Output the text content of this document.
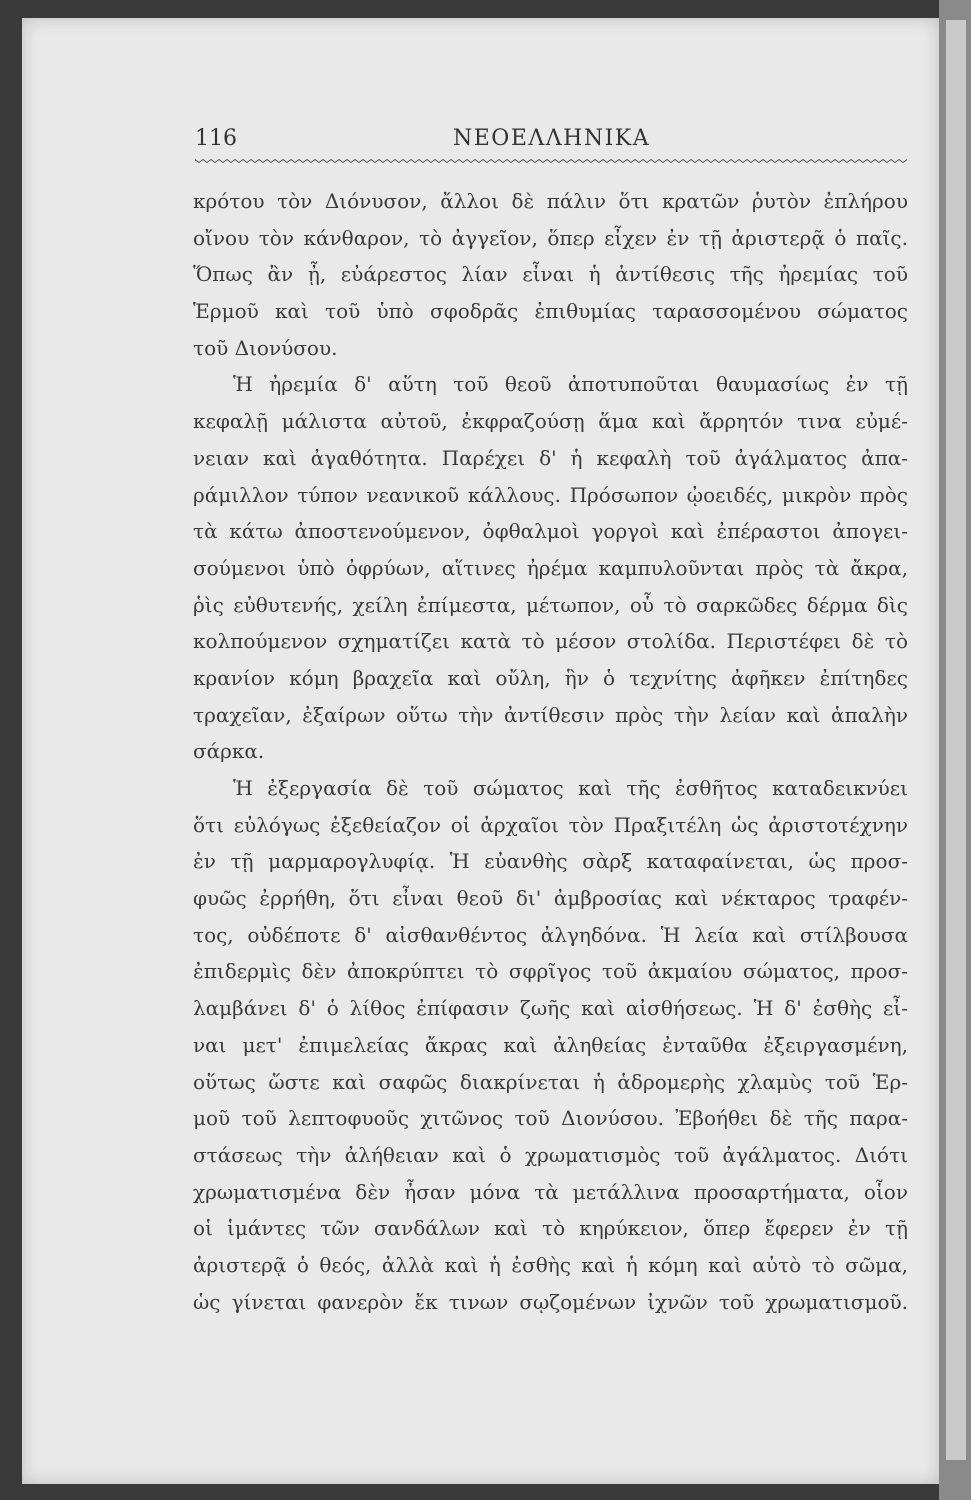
116	ΝΕΟΕΛΛΗΝΙΚΑ
κρότου τὸν Διόνυσον, ἄλλοι δὲ πάλιν ὅτι κρατῶν ῥυτὸν ἐπλήρου
οἴνου τὸν κάνθαρον, τὸ ἀγγεῖον, ὅπερ εἶχεν ἐν τῇ ἀριστερᾷ ὁ παῖς.
Ὅπως ἂν ᾖ, εὐάρεστος λίαν εἶναι ἡ ἀντίθεσις τῆς ἠρεμίας τοῦ
Ἑρμοῦ καὶ τοῦ ὑπὸ σφοδρᾶς ἐπιθυμίας ταρασσομένου σώματος
τοῦ Διονύσου.
Ἡ ἠρεμία δ' αὕτη τοῦ θεοῦ ἀποτυποῦται θαυμασίως ἐν τῇ
κεφαλῇ μάλιστα αὐτοῦ, ἐκφραζούσῃ ἅμα καὶ ἄρρητόν τινα εὐμέ-
νειαν καὶ ἀγαθότητα. Παρέχει δ' ἡ κεφαλὴ τοῦ ἀγάλματος ἀπα-
ράμιλλον τύπον νεανικοῦ κάλλους. Πρόσωπον ᾠοειδές, μικρὸν πρὸς
τὰ κάτω ἀποστενούμενον, ὀφθαλμοὶ γοργοὶ καὶ ἐπέραστοι ἀπογει-
σούμενοι ὑπὸ ὀφρύων, αἵτινες ἠρέμα καμπυλοῦνται πρὸς τὰ ἄκρα,
ῥὶς εὐθυτενής, χείλη ἐπίμεστα, μέτωπον, οὗ τὸ σαρκῶδες δέρμα δὶς
κολπούμενον σχηματίζει κατὰ τὸ μέσον στολίδα. Περιστέφει δὲ τὸ
κρανίον κόμη βραχεῖα καὶ οὔλη, ἣν ὁ τεχνίτης ἀφῆκεν ἐπίτηδες
τραχεῖαν, ἐξαίρων οὕτω τὴν ἀντίθεσιν πρὸς τὴν λείαν καὶ ἁπαλὴν
σάρκα.
Ἡ ἐξεργασία δὲ τοῦ σώματος καὶ τῆς ἐσθῆτος καταδεικνύει
ὅτι εὐλόγως ἐξεθείαζον οἱ ἀρχαῖοι τὸν Πραξιτέλη ὡς ἀριστοτέχνην
ἐν τῇ μαρμαρογλυφίᾳ. Ἡ εὐανθὴς σὰρξ καταφαίνεται, ὡς προσ-
φυῶς ἐρρήθη, ὅτι εἶναι θεοῦ δι' ἀμβροσίας καὶ νέκταρος τραφέν-
τος, οὐδέποτε δ' αἰσθανθέντος ἀλγηδόνα. Ἡ λεία καὶ στίλβουσα
ἐπιδερμὶς δὲν ἀποκρύπτει τὸ σφρῖγος τοῦ ἀκμαίου σώματος, προσ-
λαμβάνει δ' ὁ λίθος ἐπίφασιν ζωῆς καὶ αἰσθήσεως. Ἡ δ' ἐσθὴς εἶ-
ναι μετ' ἐπιμελείας ἄκρας καὶ ἀληθείας ἐνταῦθα ἐξειργασμένη,
οὕτως ὥστε καὶ σαφῶς διακρίνεται ἡ ἁδρομερὴς χλαμὺς τοῦ Ἑρ-
μοῦ τοῦ λεπτοφυοῦς χιτῶνος τοῦ Διονύσου. Ἐβοήθει δὲ τῆς παρα-
στάσεως τὴν ἀλήθειαν καὶ ὁ χρωματισμὸς τοῦ ἀγάλματος. Διότι
χρωματισμένα δὲν ἦσαν μόνα τὰ μετάλλινα προσαρτήματα, οἷον
οἱ ἱμάντες τῶν σανδάλων καὶ τὸ κηρύκειον, ὅπερ ἔφερεν ἐν τῇ
ἀριστερᾷ ὁ θεός, ἀλλὰ καὶ ἡ ἐσθὴς καὶ ἡ κόμη καὶ αὐτὸ τὸ σῶμα,
ὡς γίνεται φανερὸν ἔκ τινων σῳζομένων ἰχνῶν τοῦ χρωματισμοῦ.
